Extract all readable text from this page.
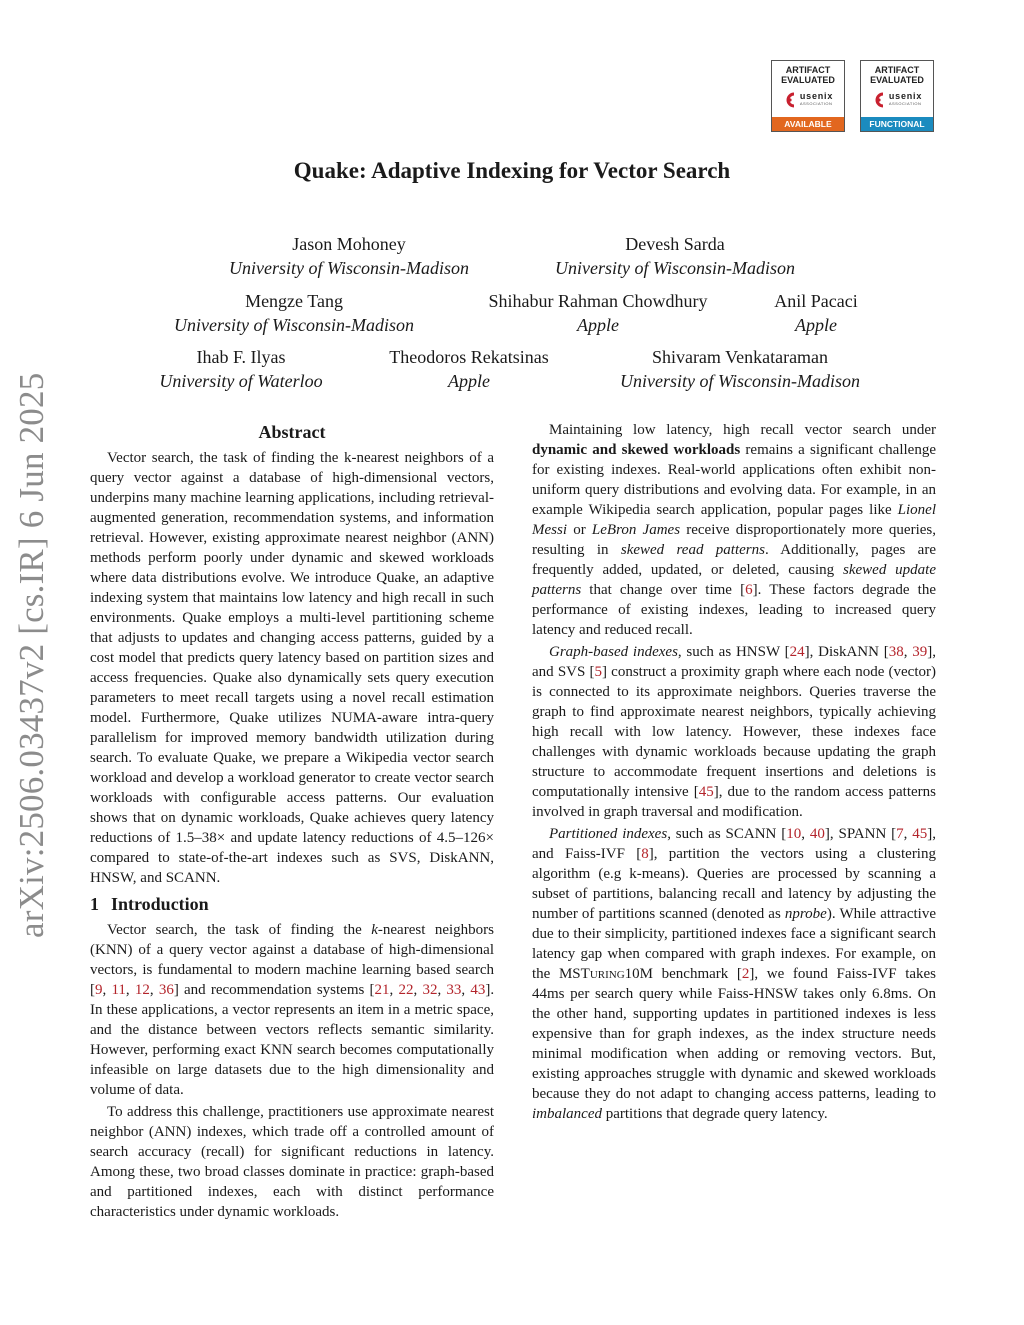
arXiv:2506.03437v2 [cs.IR] 6 Jun 2025
ARTIFACT
EVALUATED
usenix
ASSOCIATION
AVAILABLE
ARTIFACT
EVALUATED
usenix
ASSOCIATION
FUNCTIONAL
Quake: Adaptive Indexing for Vector Search
Jason Mohoney
University of Wisconsin-Madison
Devesh Sarda
University of Wisconsin-Madison
Mengze Tang
University of Wisconsin-Madison
Shihabur Rahman Chowdhury
Apple
Anil Pacaci
Apple
Ihab F. Ilyas
University of Waterloo
Theodoros Rekatsinas
Apple
Shivaram Venkataraman
University of Wisconsin-Madison
Abstract

Vector search, the task of finding the k-nearest neighbors of a query vector against a database of high-dimensional vectors, underpins many machine learning applications, including retrieval-augmented generation, recommendation systems, and information retrieval. However, existing approximate nearest neighbor (ANN) methods perform poorly under dynamic and skewed workloads where data distributions evolve. We introduce Quake, an adaptive indexing system that maintains low latency and high recall in such environments. Quake employs a multi-level partitioning scheme that adjusts to updates and changing access patterns, guided by a cost model that predicts query latency based on partition sizes and access frequencies. Quake also dynamically sets query execution parameters to meet recall targets using a novel recall estimation model. Furthermore, Quake utilizes NUMA-aware intra-query parallelism for improved memory bandwidth utilization during search. To evaluate Quake, we prepare a Wikipedia vector search workload and develop a workload generator to create vector search workloads with configurable access patterns. Our evaluation shows that on dynamic workloads, Quake achieves query latency reductions of 1.5–38× and update latency reductions of 4.5–126× compared to state-of-the-art indexes such as SVS, DiskANN, HNSW, and SCANN.

1 Introduction

Vector search, the task of finding the k-nearest neighbors (KNN) of a query vector against a database of high-dimensional vectors, is fundamental to modern machine learning based search [9, 11, 12, 36] and recommendation systems [21, 22, 32, 33, 43]. In these applications, a vector represents an item in a metric space, and the distance between vectors reflects semantic similarity. However, performing exact KNN search becomes computationally infeasible on large datasets due to the high dimensionality and volume of data.

To address this challenge, practitioners use approximate nearest neighbor (ANN) indexes, which trade off a controlled amount of search accuracy (recall) for significant reductions in latency. Among these, two broad classes dominate in practice: graph-based and partitioned indexes, each with distinct performance characteristics under dynamic workloads.

Maintaining low latency, high recall vector search under dynamic and skewed workloads remains a significant challenge for existing indexes. Real-world applications often exhibit non-uniform query distributions and evolving data. For example, in an example Wikipedia search application, popular pages like Lionel Messi or LeBron James receive disproportionately more queries, resulting in skewed read patterns. Additionally, pages are frequently added, updated, or deleted, causing skewed update patterns that change over time [6]. These factors degrade the performance of existing indexes, leading to increased query latency and reduced recall.

Graph-based indexes, such as HNSW [24], DiskANN [38, 39], and SVS [5] construct a proximity graph where each node (vector) is connected to its approximate neighbors. Queries traverse the graph to find approximate nearest neighbors, typically achieving high recall with low latency. However, these indexes face challenges with dynamic workloads because updating the graph structure to accommodate frequent insertions and deletions is computationally intensive [45], due to the random access patterns involved in graph traversal and modification.

Partitioned indexes, such as SCANN [10, 40], SPANN [7, 45], and Faiss-IVF [8], partition the vectors using a clustering algorithm (e.g k-means). Queries are processed by scanning a subset of partitions, balancing recall and latency by adjusting the number of partitions scanned (denoted as nprobe). While attractive due to their simplicity, partitioned indexes face a significant search latency gap when compared with graph indexes. For example, on the MSTuring10M benchmark [2], we found Faiss-IVF takes 44ms per search query while Faiss-HNSW takes only 6.8ms. On the other hand, supporting updates in partitioned indexes is less expensive than for graph indexes, as the index structure needs minimal modification when adding or removing vectors. But, existing approaches struggle with dynamic and skewed workloads because they do not adapt to changing access patterns, leading to imbalanced partitions that degrade query latency.
